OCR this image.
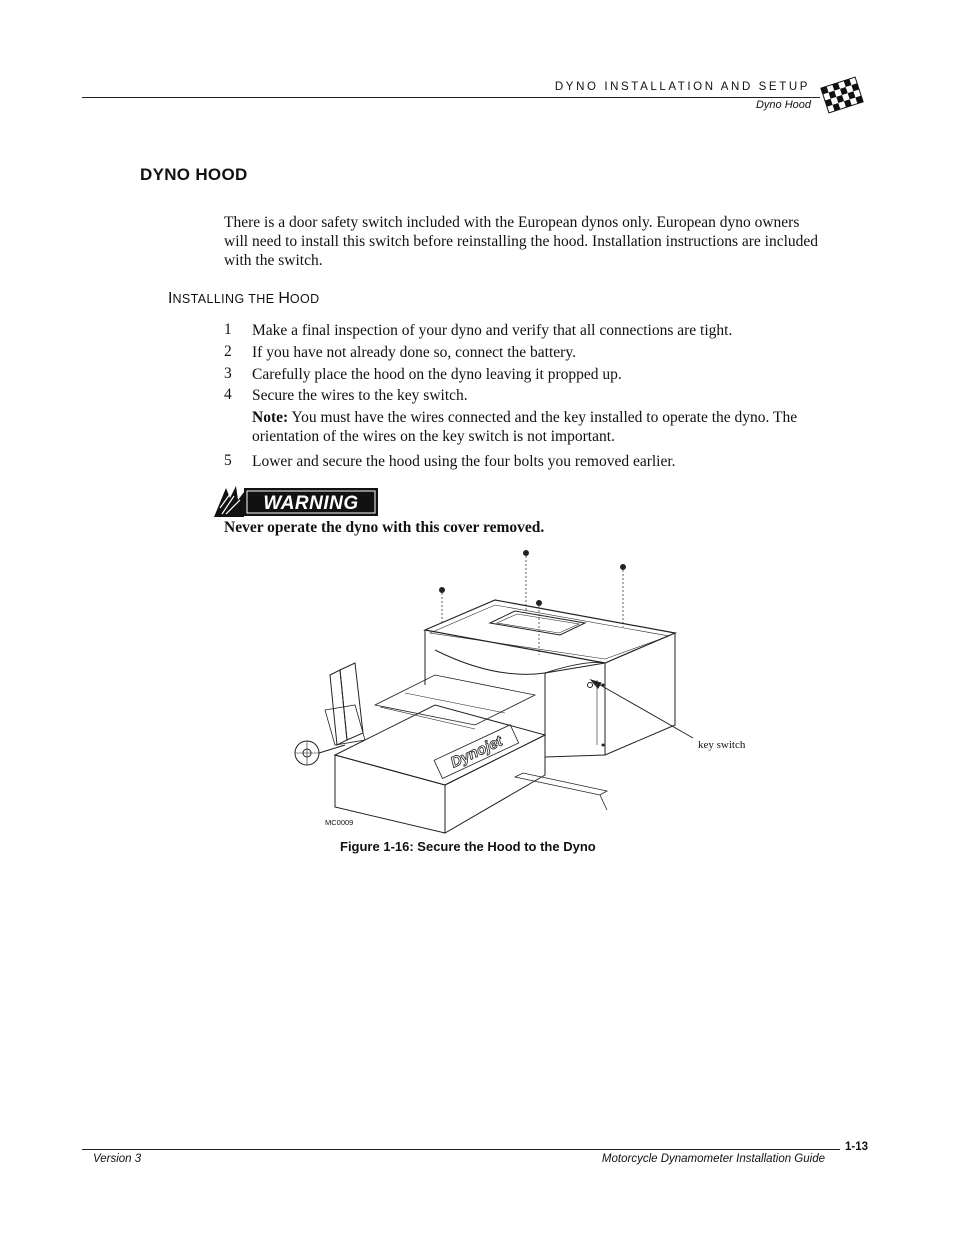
DYNO INSTALLATION AND SETUP
Dyno Hood
DYNO HOOD
There is a door safety switch included with the European dynos only. European dyno owners will need to install this switch before reinstalling the hood. Installation instructions are included with the switch.
INSTALLING THE HOOD
1 Make a final inspection of your dyno and verify that all connections are tight.
2 If you have not already done so, connect the battery.
3 Carefully place the hood on the dyno leaving it propped up.
4 Secure the wires to the key switch.
Note: You must have the wires connected and the key installed to operate the dyno. The orientation of the wires on the key switch is not important.
5 Lower and secure the hood using the four bolts you removed earlier.
WARNING
Never operate the dyno with this cover removed.
Dynojet	key switch
MC0009
Figure 1-16: Secure the Hood to the Dyno
1-13
Version 3	Motorcycle Dynamometer Installation Guide
